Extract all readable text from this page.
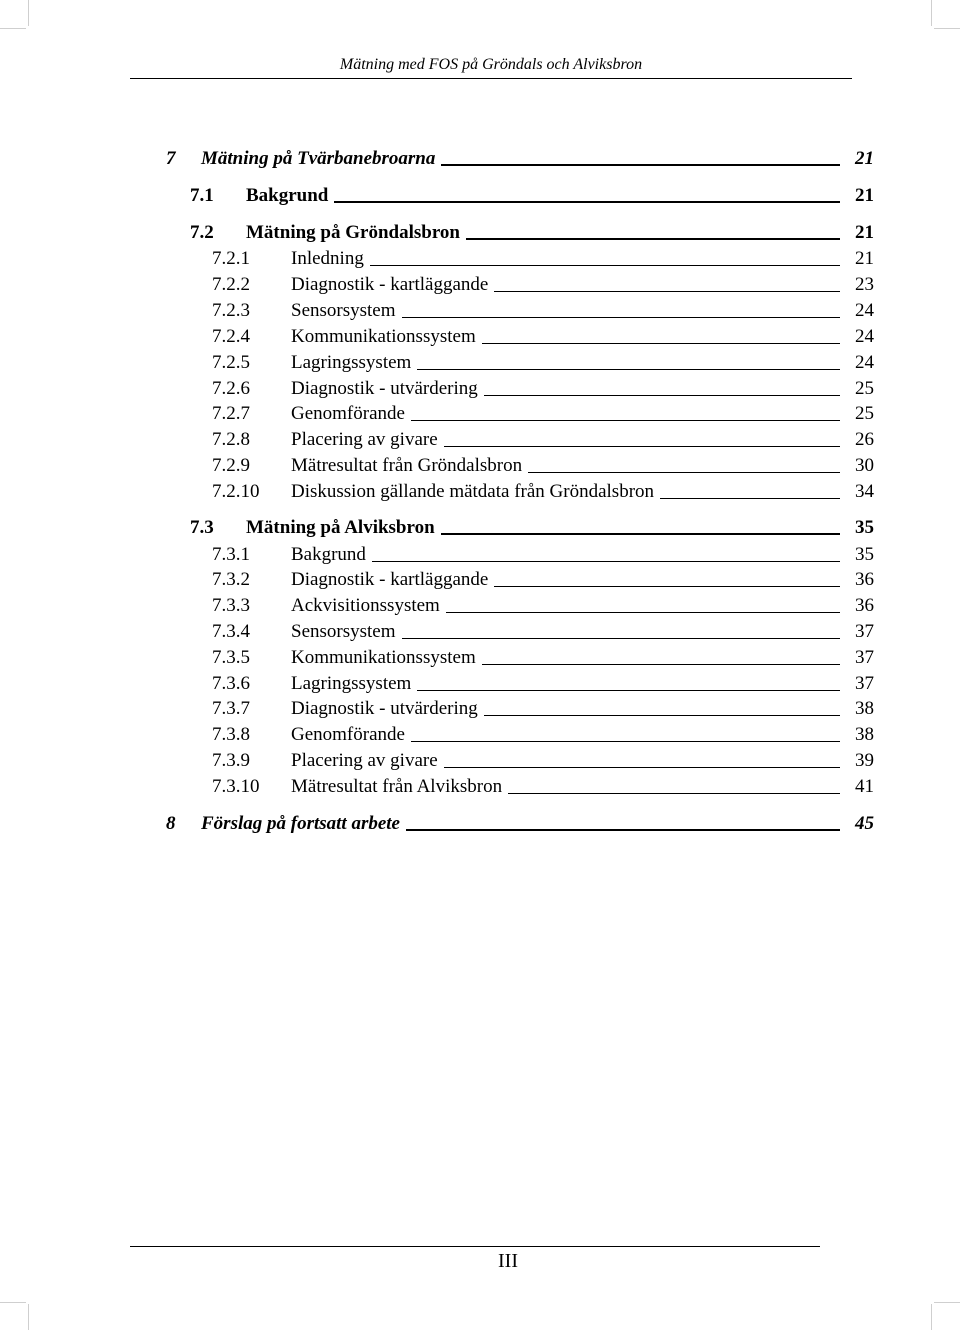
Mätning med FOS på Gröndals och Alviksbron
7	Mätning på Tvärbanebroarna	21
7.1	Bakgrund	21
7.2	Mätning på Gröndalsbron	21
7.2.1	Inledning	21
7.2.2	Diagnostik - kartläggande	23
7.2.3	Sensorsystem	24
7.2.4	Kommunikationssystem	24
7.2.5	Lagringssystem	24
7.2.6	Diagnostik - utvärdering	25
7.2.7	Genomförande	25
7.2.8	Placering av givare	26
7.2.9	Mätresultat från Gröndalsbron	30
7.2.10	Diskussion gällande mätdata från Gröndalsbron	34
7.3	Mätning på Alviksbron	35
7.3.1	Bakgrund	35
7.3.2	Diagnostik - kartläggande	36
7.3.3	Ackvisitionssystem	36
7.3.4	Sensorsystem	37
7.3.5	Kommunikationssystem	37
7.3.6	Lagringssystem	37
7.3.7	Diagnostik - utvärdering	38
7.3.8	Genomförande	38
7.3.9	Placering av givare	39
7.3.10	Mätresultat från Alviksbron	41
8	Förslag på fortsatt arbete	45
III
